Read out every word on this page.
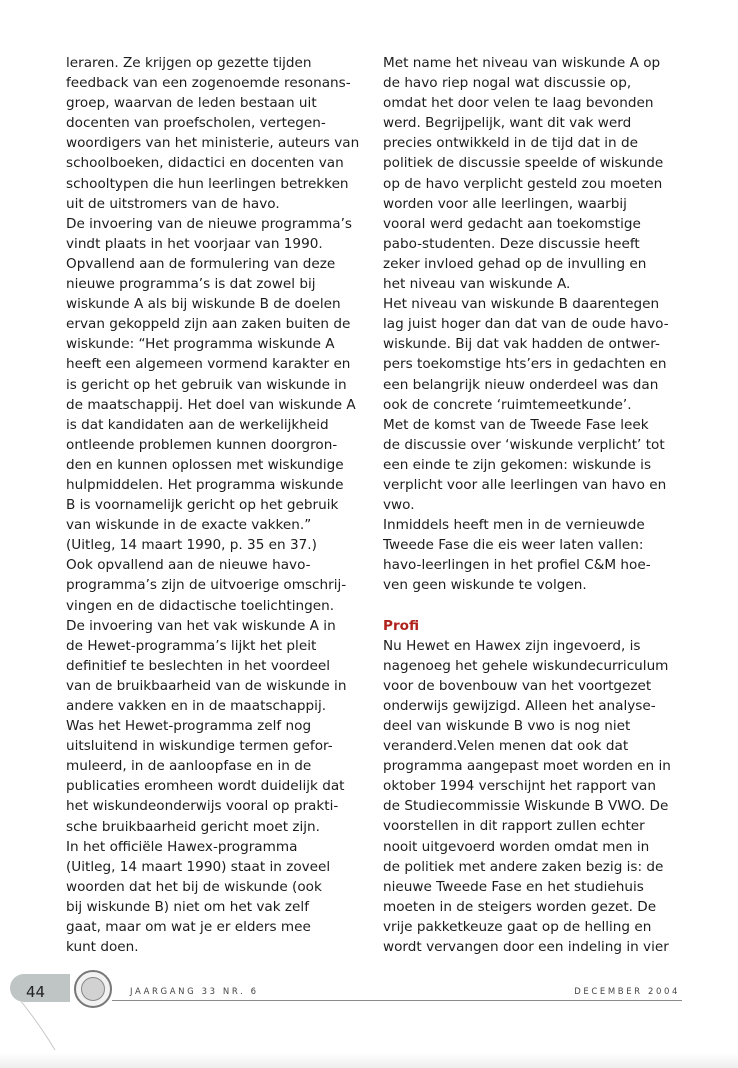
leraren. Ze krijgen op gezette tijden
feedback van een zogenoemde resonans-
groep, waarvan de leden bestaan uit
docenten van proefscholen, vertegen-
woordigers van het ministerie, auteurs van
schoolboeken, didactici en docenten van
schooltypen die hun leerlingen betrekken
uit de uitstromers van de havo.
De invoering van de nieuwe programma’s
vindt plaats in het voorjaar van 1990.
Opvallend aan de formulering van deze
nieuwe programma’s is dat zowel bij
wiskunde A als bij wiskunde B de doelen
ervan gekoppeld zijn aan zaken buiten de
wiskunde: “Het programma wiskunde A
heeft een algemeen vormend karakter en
is gericht op het gebruik van wiskunde in
de maatschappij. Het doel van wiskunde A
is dat kandidaten aan de werkelijkheid
ontleende problemen kunnen doorgron-
den en kunnen oplossen met wiskundige
hulpmiddelen. Het programma wiskunde
B is voornamelijk gericht op het gebruik
van wiskunde in de exacte vakken.”
(Uitleg, 14 maart 1990, p. 35 en 37.)
Ook opvallend aan de nieuwe havo-
programma’s zijn de uitvoerige omschrij-
vingen en de didactische toelichtingen.
De invoering van het vak wiskunde A in
de Hewet-programma’s lijkt het pleit
definitief te beslechten in het voordeel
van de bruikbaarheid van de wiskunde in
andere vakken en in de maatschappij.
Was het Hewet-programma zelf nog
uitsluitend in wiskundige termen gefor-
muleerd, in de aanloopfase en in de
publicaties eromheen wordt duidelijk dat
het wiskundeonderwijs vooral op prakti-
sche bruikbaarheid gericht moet zijn.
In het officiële Hawex-programma
(Uitleg, 14 maart 1990) staat in zoveel
woorden dat het bij de wiskunde (ook
bij wiskunde B) niet om het vak zelf
gaat, maar om wat je er elders mee
kunt doen.
Met name het niveau van wiskunde A op
de havo riep nogal wat discussie op,
omdat het door velen te laag bevonden
werd. Begrijpelijk, want dit vak werd
precies ontwikkeld in de tijd dat in de
politiek de discussie speelde of wiskunde
op de havo verplicht gesteld zou moeten
worden voor alle leerlingen, waarbij
vooral werd gedacht aan toekomstige
pabo-studenten. Deze discussie heeft
zeker invloed gehad op de invulling en
het niveau van wiskunde A.
Het niveau van wiskunde B daarentegen
lag juist hoger dan dat van de oude havo-
wiskunde. Bij dat vak hadden de ontwer-
pers toekomstige hts’ers in gedachten en
een belangrijk nieuw onderdeel was dan
ook de concrete ‘ruimtemeetkunde’.
Met de komst van de Tweede Fase leek
de discussie over ‘wiskunde verplicht’ tot
een einde te zijn gekomen: wiskunde is
verplicht voor alle leerlingen van havo en
vwo.
Inmiddels heeft men in de vernieuwde
Tweede Fase die eis weer laten vallen:
havo-leerlingen in het profiel C&M hoe-
ven geen wiskunde te volgen.
Profi
Nu Hewet en Hawex zijn ingevoerd, is
nagenoeg het gehele wiskundecurriculum
voor de bovenbouw van het voortgezet
onderwijs gewijzigd. Alleen het analyse-
deel van wiskunde B vwo is nog niet
veranderd.Velen menen dat ook dat
programma aangepast moet worden en in
oktober 1994 verschijnt het rapport van
de Studiecommissie Wiskunde B VWO. De
voorstellen in dit rapport zullen echter
nooit uitgevoerd worden omdat men in
de politiek met andere zaken bezig is: de
nieuwe Tweede Fase en het studiehuis
moeten in de steigers worden gezet. De
vrije pakketkeuze gaat op de helling en
wordt vervangen door een indeling in vier
44	JAARGANG 33 NR. 6	DECEMBER 2004
